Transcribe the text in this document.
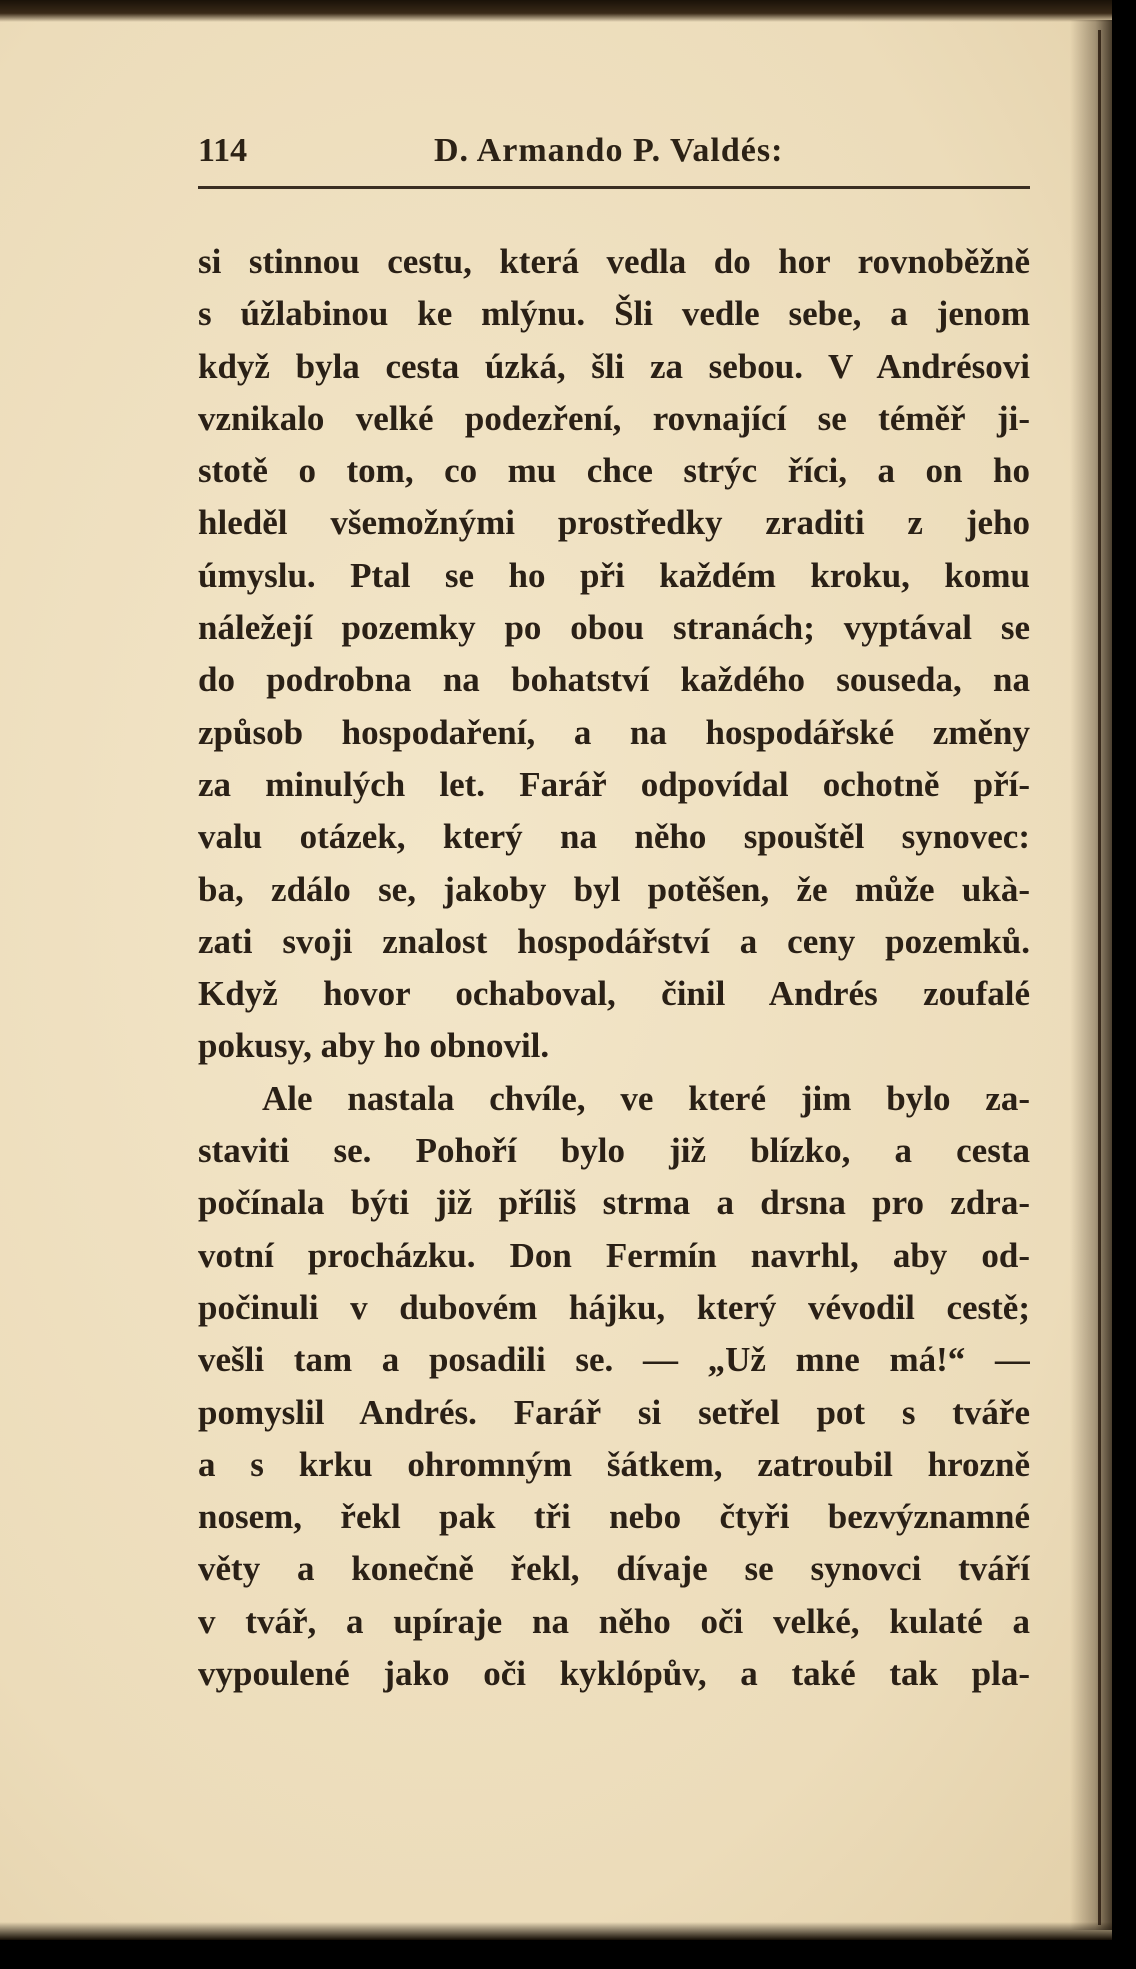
114	D. Armando P. Valdés:
si stinnou cestu, která vedla do hor rovnoběžně
s úžlabinou ke mlýnu. Šli vedle sebe, a jenom
když byla cesta úzká, šli za sebou. V Andrésovi
vznikalo velké podezření, rovnající se téměř ji-
stotě o tom, co mu chce strýc říci, a on ho
hleděl všemožnými prostředky zraditi z jeho
úmyslu. Ptal se ho při každém kroku, komu
náležejí pozemky po obou stranách; vyptával se
do podrobna na bohatství každého souseda, na
způsob hospodaření, a na hospodářské změny
za minulých let. Farář odpovídal ochotně pří-
valu otázek, který na něho spouštěl synovec:
ba, zdálo se, jakoby byl potěšen, že může ukà-
zati svoji znalost hospodářství a ceny pozemků.
Když hovor ochaboval, činil Andrés zoufalé
pokusy, aby ho obnovil.
Ale nastala chvíle, ve které jim bylo za-
staviti se. Pohoří bylo již blízko, a cesta
počínala býti již příliš strma a drsna pro zdra-
votní procházku. Don Fermín navrhl, aby od-
počinuli v dubovém hájku, který vévodil cestě;
vešli tam a posadili se. — „Už mne má!“ —
pomyslil Andrés. Farář si setřel pot s tváře
a s krku ohromným šátkem, zatroubil hrozně
nosem, řekl pak tři nebo čtyři bezvýznamné
věty a konečně řekl, dívaje se synovci tváří
v tvář, a upíraje na něho oči velké, kulaté a
vypoulené jako oči kyklópův, a také tak pla-
